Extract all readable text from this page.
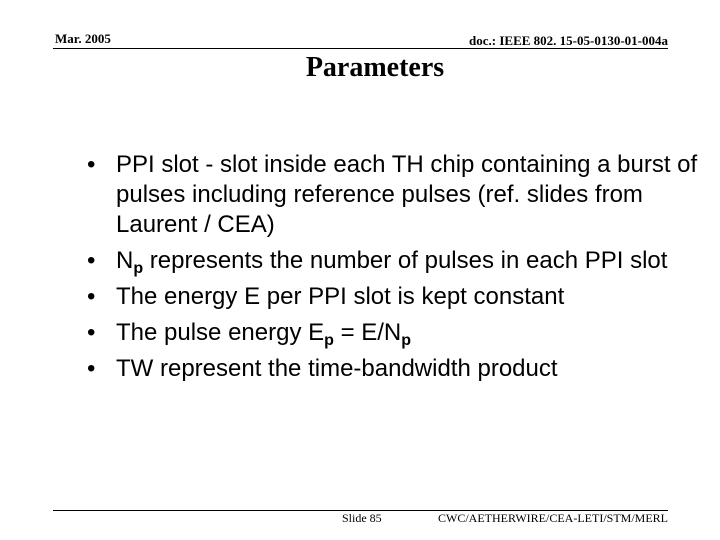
Mar. 2005	doc.: IEEE 802. 15-05-0130-01-004a
Parameters
• PPI slot - slot inside each TH chip containing a burst of pulses including reference pulses (ref. slides from Laurent / CEA)
• $N_p$ represents the number of pulses in each PPI slot
• The energy E per PPI slot is kept constant
• The pulse energy $E_p = E/N_p$
• TW represent the time-bandwidth product
Slide 85	CWC/AETHERWIRE/CEA-LETI/STM/MERL
